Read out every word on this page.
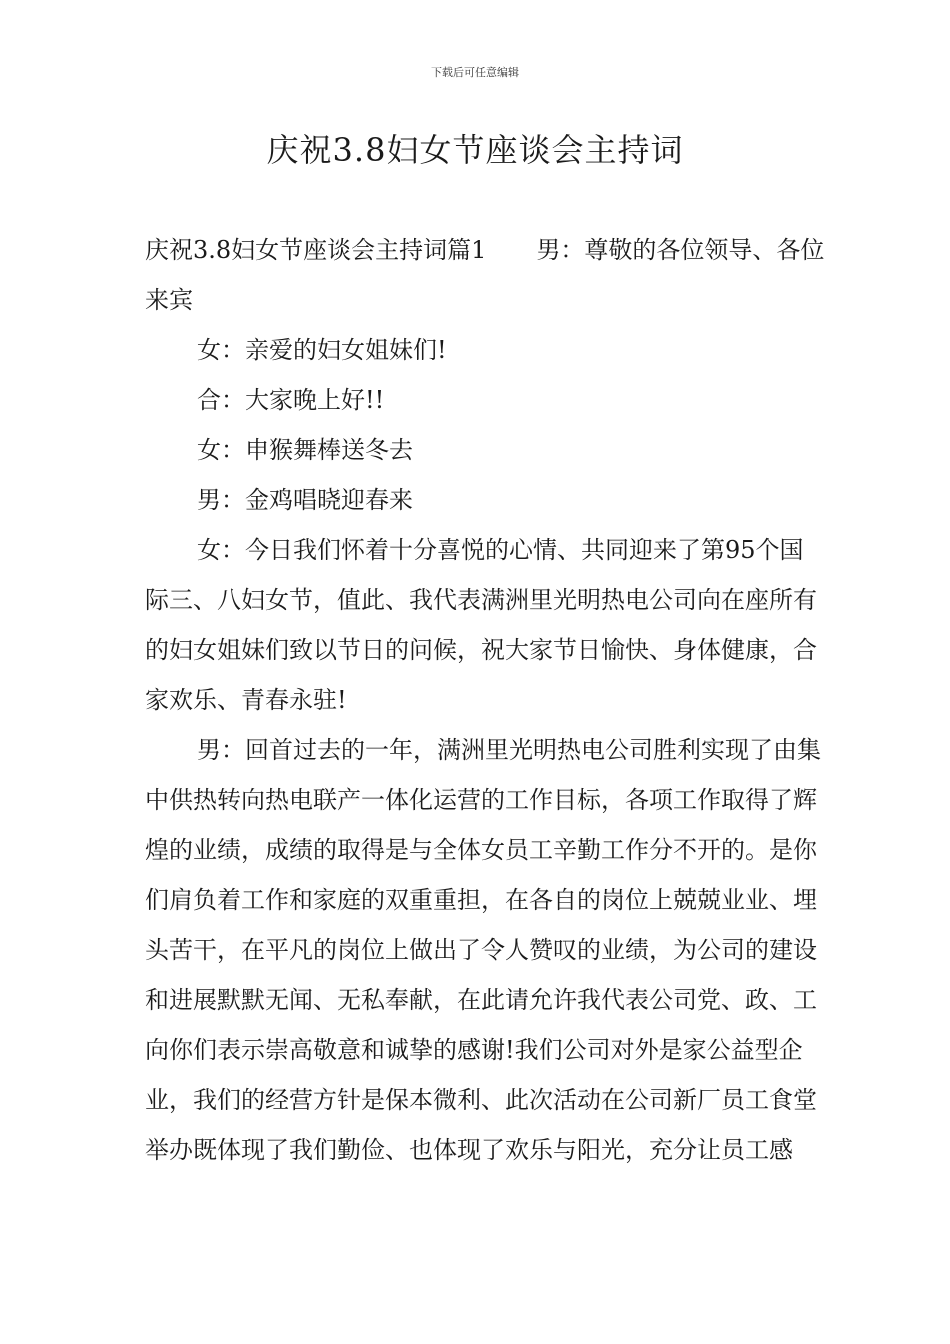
下载后可任意编辑
庆祝3.8妇女节座谈会主持词

庆祝3.8妇女节座谈会主持词篇1 男：尊敬的各位领导、各位来宾

女：亲爱的妇女姐妹们!

合：大家晚上好!!

女：申猴舞棒送冬去

男：金鸡唱晓迎春来

女：今日我们怀着十分喜悦的心情、共同迎来了第95个国际三、八妇女节，值此、我代表满洲里光明热电公司向在座所有的妇女姐妹们致以节日的问候，祝大家节日愉快、身体健康，合家欢乐、青春永驻!

男：回首过去的一年，满洲里光明热电公司胜利实现了由集中供热转向热电联产一体化运营的工作目标，各项工作取得了辉煌的业绩，成绩的取得是与全体女员工辛勤工作分不开的。是你们肩负着工作和家庭的双重重担，在各自的岗位上兢兢业业、埋头苦干，在平凡的岗位上做出了令人赞叹的业绩，为公司的建设和进展默默无闻、无私奉献，在此请允许我代表公司党、政、工向你们表示崇高敬意和诚挚的感谢!我们公司对外是家公益型企业，我们的经营方针是保本微利、此次活动在公司新厂员工食堂举办既体现了我们勤俭、也体现了欢乐与阳光，充分让员工感
